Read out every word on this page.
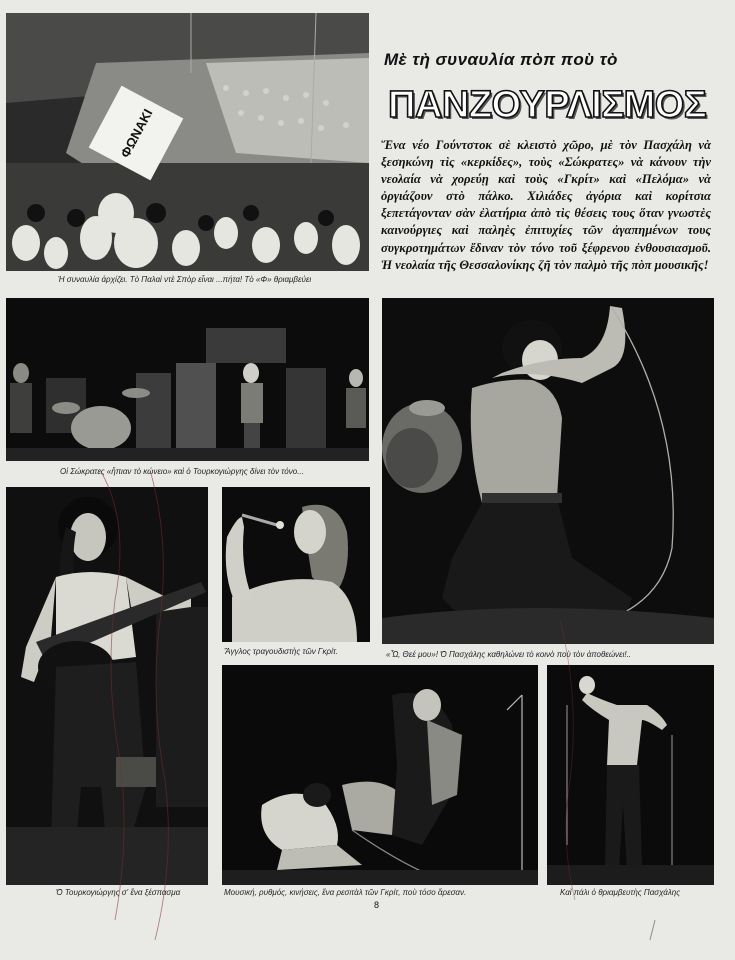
ΦΩΝΑΚΙ
Ἡ συναυλία ἀρχίζει. Τὸ Παλαὶ ντὲ Σπὸρ εἶναι ...πήτα! Τὸ «Φ» θριαμβεύει
Μὲ τὴ συναυλία πὸπ ποὺ τὸ
ΠΑΝΖΟΥΡΛΙΣΜΟΣ
Ἕνα νέο Γούντστοκ σὲ κλειστὸ χῶρο, μὲ τὸν Πασχάλη νὰ ξεσηκώνη τὶς «κερκίδες», τοὺς «Σώκρατες» νὰ κάνουν τὴν νεολαία νὰ χορεύῃ καὶ τοὺς «Γκρίτ» καὶ «Πελόμα» νὰ ὀργιάζουν στὸ πάλκο. Χιλιάδες ἀγόρια καὶ κορίτσια ξεπετάγονταν σὰν ἐλατήρια ἀπὸ τὶς θέσεις τους ὅταν γνωστὲς καινούργιες καὶ παληὲς ἐπιτυχίες τῶν ἀγαπημένων τους συγκροτημάτων ἔδιναν τὸν τόνο τοῦ ξέφρενου ἐνθουσιασμοῦ. Ἡ νεολαία τῆς Θεσσαλονίκης ζῆ τὸν παλμὸ τῆς πὸπ μουσικῆς!
Οἱ Σώκρατες «ἤπιαν τὸ κώνειο» καὶ ὁ Τουρκογιώργης δίνει τὸν τόνο...
«Ὦ, Θεέ μου»! Ὁ Πασχάλης καθηλώνει τὸ κοινὸ ποὺ τὸν ἀποθεώνει!..
Ὁ Τουρκογιώργης σ' ἕνα ξέσπασμα
Ἄγγλος τραγουδιστὴς τῶν Γκρίτ.
Μουσική, ρυθμός, κινήσεις, ἕνα ρεσιτὰλ τῶν Γκρίτ, ποὺ τόσο ἄρεσαν.	Καὶ πάλι ὁ θριαμβευτὴς Πασχάλης
8
